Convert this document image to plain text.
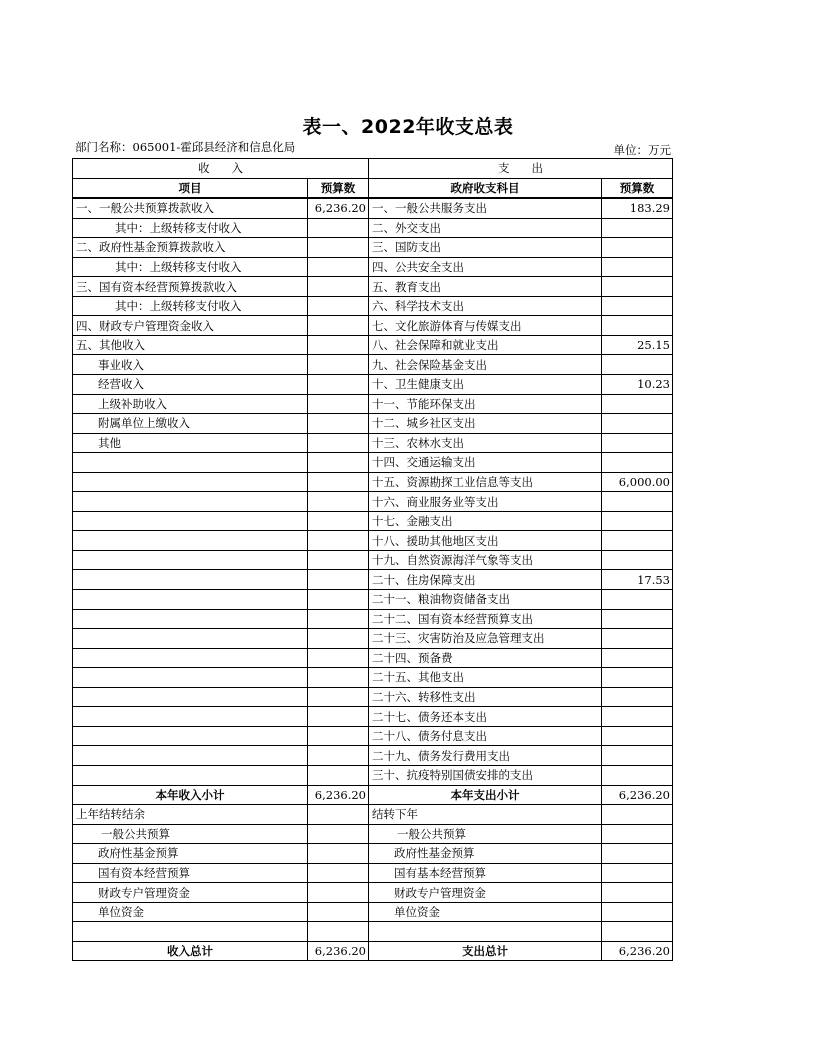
表一、2022年收支总表
部门名称：065001-霍邱县经济和信息化局	单位：万元
收      入		支      出	
项目	预算数	政府收支科目	预算数
一、一般公共预算拨款收入	6,236.20	一、一般公共服务支出	183.29
其中：上级转移支付收入		二、外交支出	
二、政府性基金预算拨款收入		三、国防支出	
其中：上级转移支付收入		四、公共安全支出	
三、国有资本经营预算拨款收入		五、教育支出	
其中：上级转移支付收入		六、科学技术支出	
四、财政专户管理资金收入		七、文化旅游体育与传媒支出	
五、其他收入		八、社会保障和就业支出	25.15
事业收入		九、社会保险基金支出	
经营收入		十、卫生健康支出	10.23
上级补助收入		十一、节能环保支出	
附属单位上缴收入		十二、城乡社区支出	
其他		十三、农林水支出	
		十四、交通运输支出	
		十五、资源勘探工业信息等支出	6,000.00
		十六、商业服务业等支出	
		十七、金融支出	
		十八、援助其他地区支出	
		十九、自然资源海洋气象等支出	
		二十、住房保障支出	17.53
		二十一、粮油物资储备支出	
		二十二、国有资本经营预算支出	
		二十三、灾害防治及应急管理支出	
		二十四、预备费	
		二十五、其他支出	
		二十六、转移性支出	
		二十七、债务还本支出	
		二十八、债务付息支出	
		二十九、债务发行费用支出	
		三十、抗疫特别国债安排的支出	
本年收入小计	6,236.20	本年支出小计	6,236.20
上年结转结余		结转下年	
一般公共预算		一般公共预算	
政府性基金预算		政府性基金预算	
国有资本经营预算		国有基本经营预算	
财政专户管理资金		财政专户管理资金	
单位资金		单位资金	

收入总计	6,236.20	支出总计	6,236.20
